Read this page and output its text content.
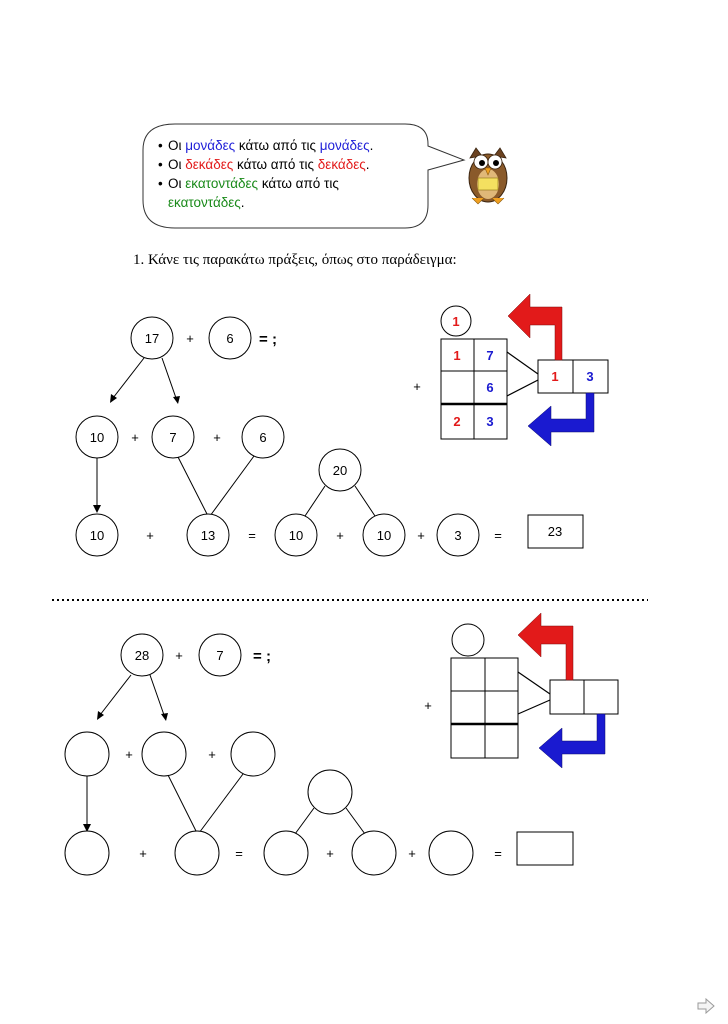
• Οι μονάδες κάτω από τις μονάδες.
• Οι δεκάδες κάτω από τις δεκάδες.
• Οι εκατοντάδες κάτω από τις
εκατοντάδες.
1. Κάνε τις παρακάτω πράξεις, όπως στο παράδειγμα:
17 +	6 = ;
10 + 7	+	6
10	+	13	=
20
10	+	10 + 3	=	23
1
1 7
+	6
2 3
1 3
28 +	7 = ;
+	+
+	=	+	+	=
+
